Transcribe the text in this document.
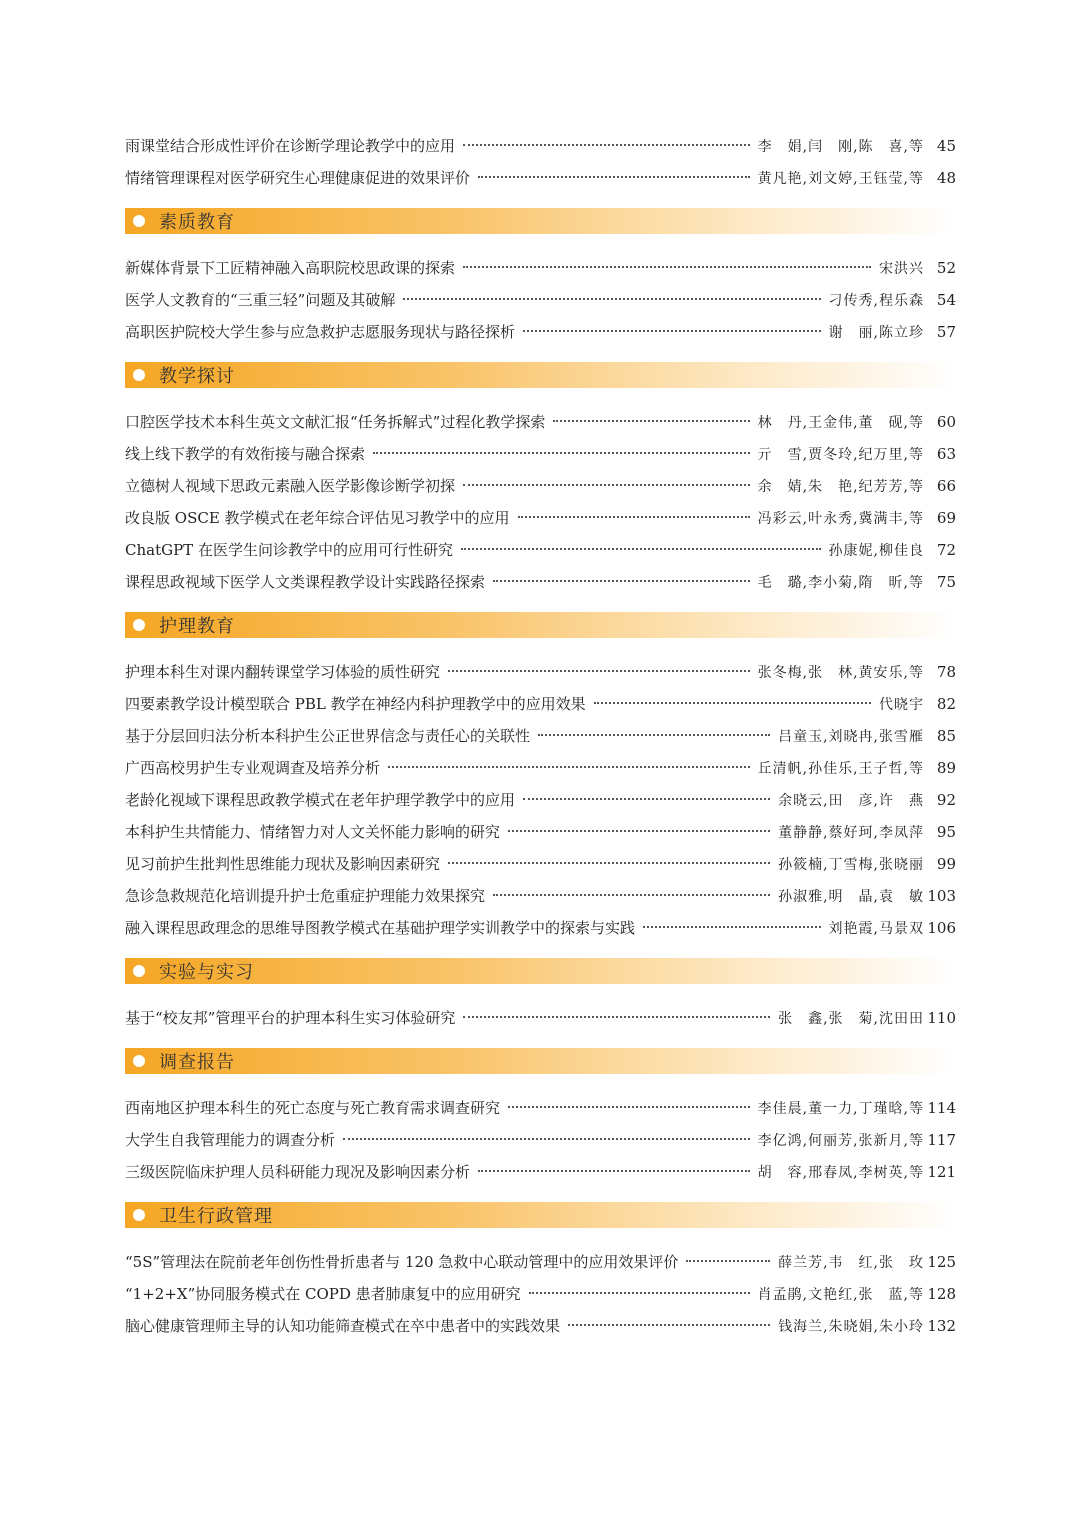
雨课堂结合形成性评价在诊断学理论教学中的应用	李　娟,闫　刚,陈　喜,等 45
情绪管理课程对医学研究生心理健康促进的效果评价	黄凡艳,刘文婷,王钰莹,等 48
素质教育
新媒体背景下工匠精神融入高职院校思政课的探索	宋洪兴 52
医学人文教育的“三重三轻”问题及其破解	刁传秀,程乐森 54
高职医护院校大学生参与应急救护志愿服务现状与路径探析	谢　丽,陈立珍 57
教学探讨
口腔医学技术本科生英文文献汇报“任务拆解式”过程化教学探索	林　丹,王金伟,董　砚,等 60
线上线下教学的有效衔接与融合探索	亓　雪,贾冬玲,纪万里,等 63
立德树人视域下思政元素融入医学影像诊断学初探	余　婧,朱　艳,纪芳芳,等 66
改良版 OSCE 教学模式在老年综合评估见习教学中的应用	冯彩云,叶永秀,冀满丰,等 69
ChatGPT 在医学生问诊教学中的应用可行性研究	孙康妮,柳佳良 72
课程思政视域下医学人文类课程教学设计实践路径探索	毛　璐,李小菊,隋　昕,等 75
护理教育
护理本科生对课内翻转课堂学习体验的质性研究	张冬梅,张　林,黄安乐,等 78
四要素教学设计模型联合 PBL 教学在神经内科护理教学中的应用效果	代晓宇 82
基于分层回归法分析本科护生公正世界信念与责任心的关联性	吕童玉,刘晓冉,张雪雁 85
广西高校男护生专业观调查及培养分析	丘清帆,孙佳乐,王子哲,等 89
老龄化视域下课程思政教学模式在老年护理学教学中的应用	余晓云,田　彦,许　燕 92
本科护生共情能力、情绪智力对人文关怀能力影响的研究	董静静,蔡好珂,李凤萍 95
见习前护生批判性思维能力现状及影响因素研究	孙筱楠,丁雪梅,张晓丽 99
急诊急救规范化培训提升护士危重症护理能力效果探究	孙淑雅,明　晶,袁　敏 103
融入课程思政理念的思维导图教学模式在基础护理学实训教学中的探索与实践	刘艳霞,马景双 106
实验与实习
基于“校友邦”管理平台的护理本科生实习体验研究	张　鑫,张　菊,沈田田 110
调查报告
西南地区护理本科生的死亡态度与死亡教育需求调查研究	李佳晨,董一力,丁瑾晗,等 114
大学生自我管理能力的调查分析	李亿鸿,何丽芳,张新月,等 117
三级医院临床护理人员科研能力现况及影响因素分析	胡　容,邢春凤,李树英,等 121
卫生行政管理
“5S”管理法在院前老年创伤性骨折患者与 120 急救中心联动管理中的应用效果评价	薛兰芳,韦　红,张　玫 125
“1+2+X”协同服务模式在 COPD 患者肺康复中的应用研究	肖孟鹃,文艳红,张　蓝,等 128
脑心健康管理师主导的认知功能筛查模式在卒中患者中的实践效果	钱海兰,朱晓娟,朱小玲 132
